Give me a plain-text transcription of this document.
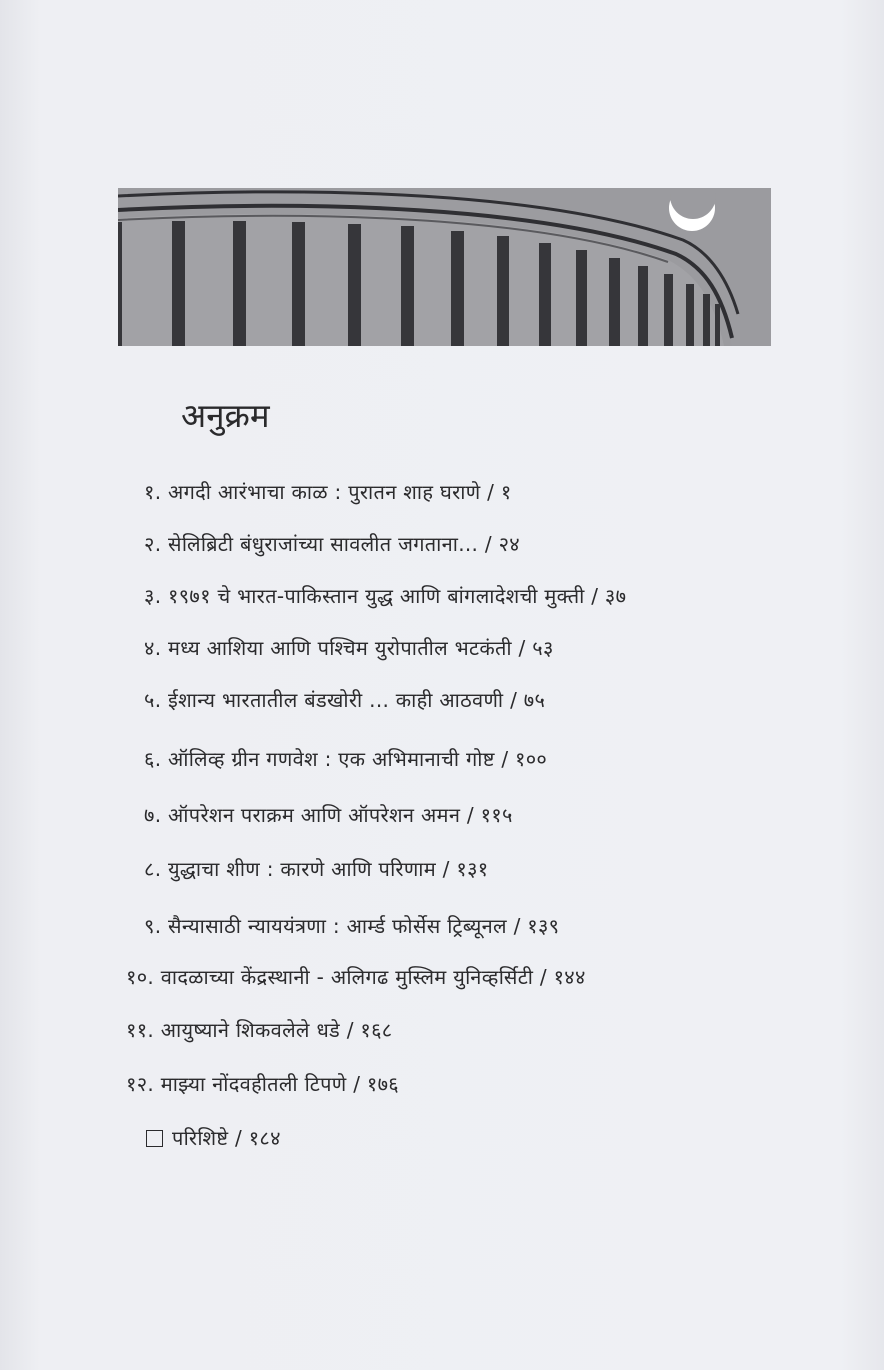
अनुक्रम
१. अगदी आरंभाचा काळ : पुरातन शाह घराणे / १
२. सेलिब्रिटी बंधुराजांच्या सावलीत जगताना... / २४
३. १९७१ चे भारत-पाकिस्तान युद्ध आणि बांगलादेशची मुक्ती / ३७
४. मध्य आशिया आणि पश्चिम युरोपातील भटकंती / ५३
५. ईशान्य भारतातील बंडखोरी ... काही आठवणी / ७५
६. ऑलिव्ह ग्रीन गणवेश : एक अभिमानाची गोष्ट / १००
७. ऑपरेशन पराक्रम आणि ऑपरेशन अमन / ११५
८. युद्धाचा शीण : कारणे आणि परिणाम / १३१
९. सैन्यासाठी न्याययंत्रणा : आर्म्ड फोर्सेस ट्रिब्यूनल / १३९
१०. वादळाच्या केंद्रस्थानी - अलिगढ मुस्लिम युनिव्हर्सिटी / १४४
११. आयुष्याने शिकवलेले धडे / १६८
१२. माझ्या नोंदवहीतली टिपणे / १७६
परिशिष्टे / १८४
